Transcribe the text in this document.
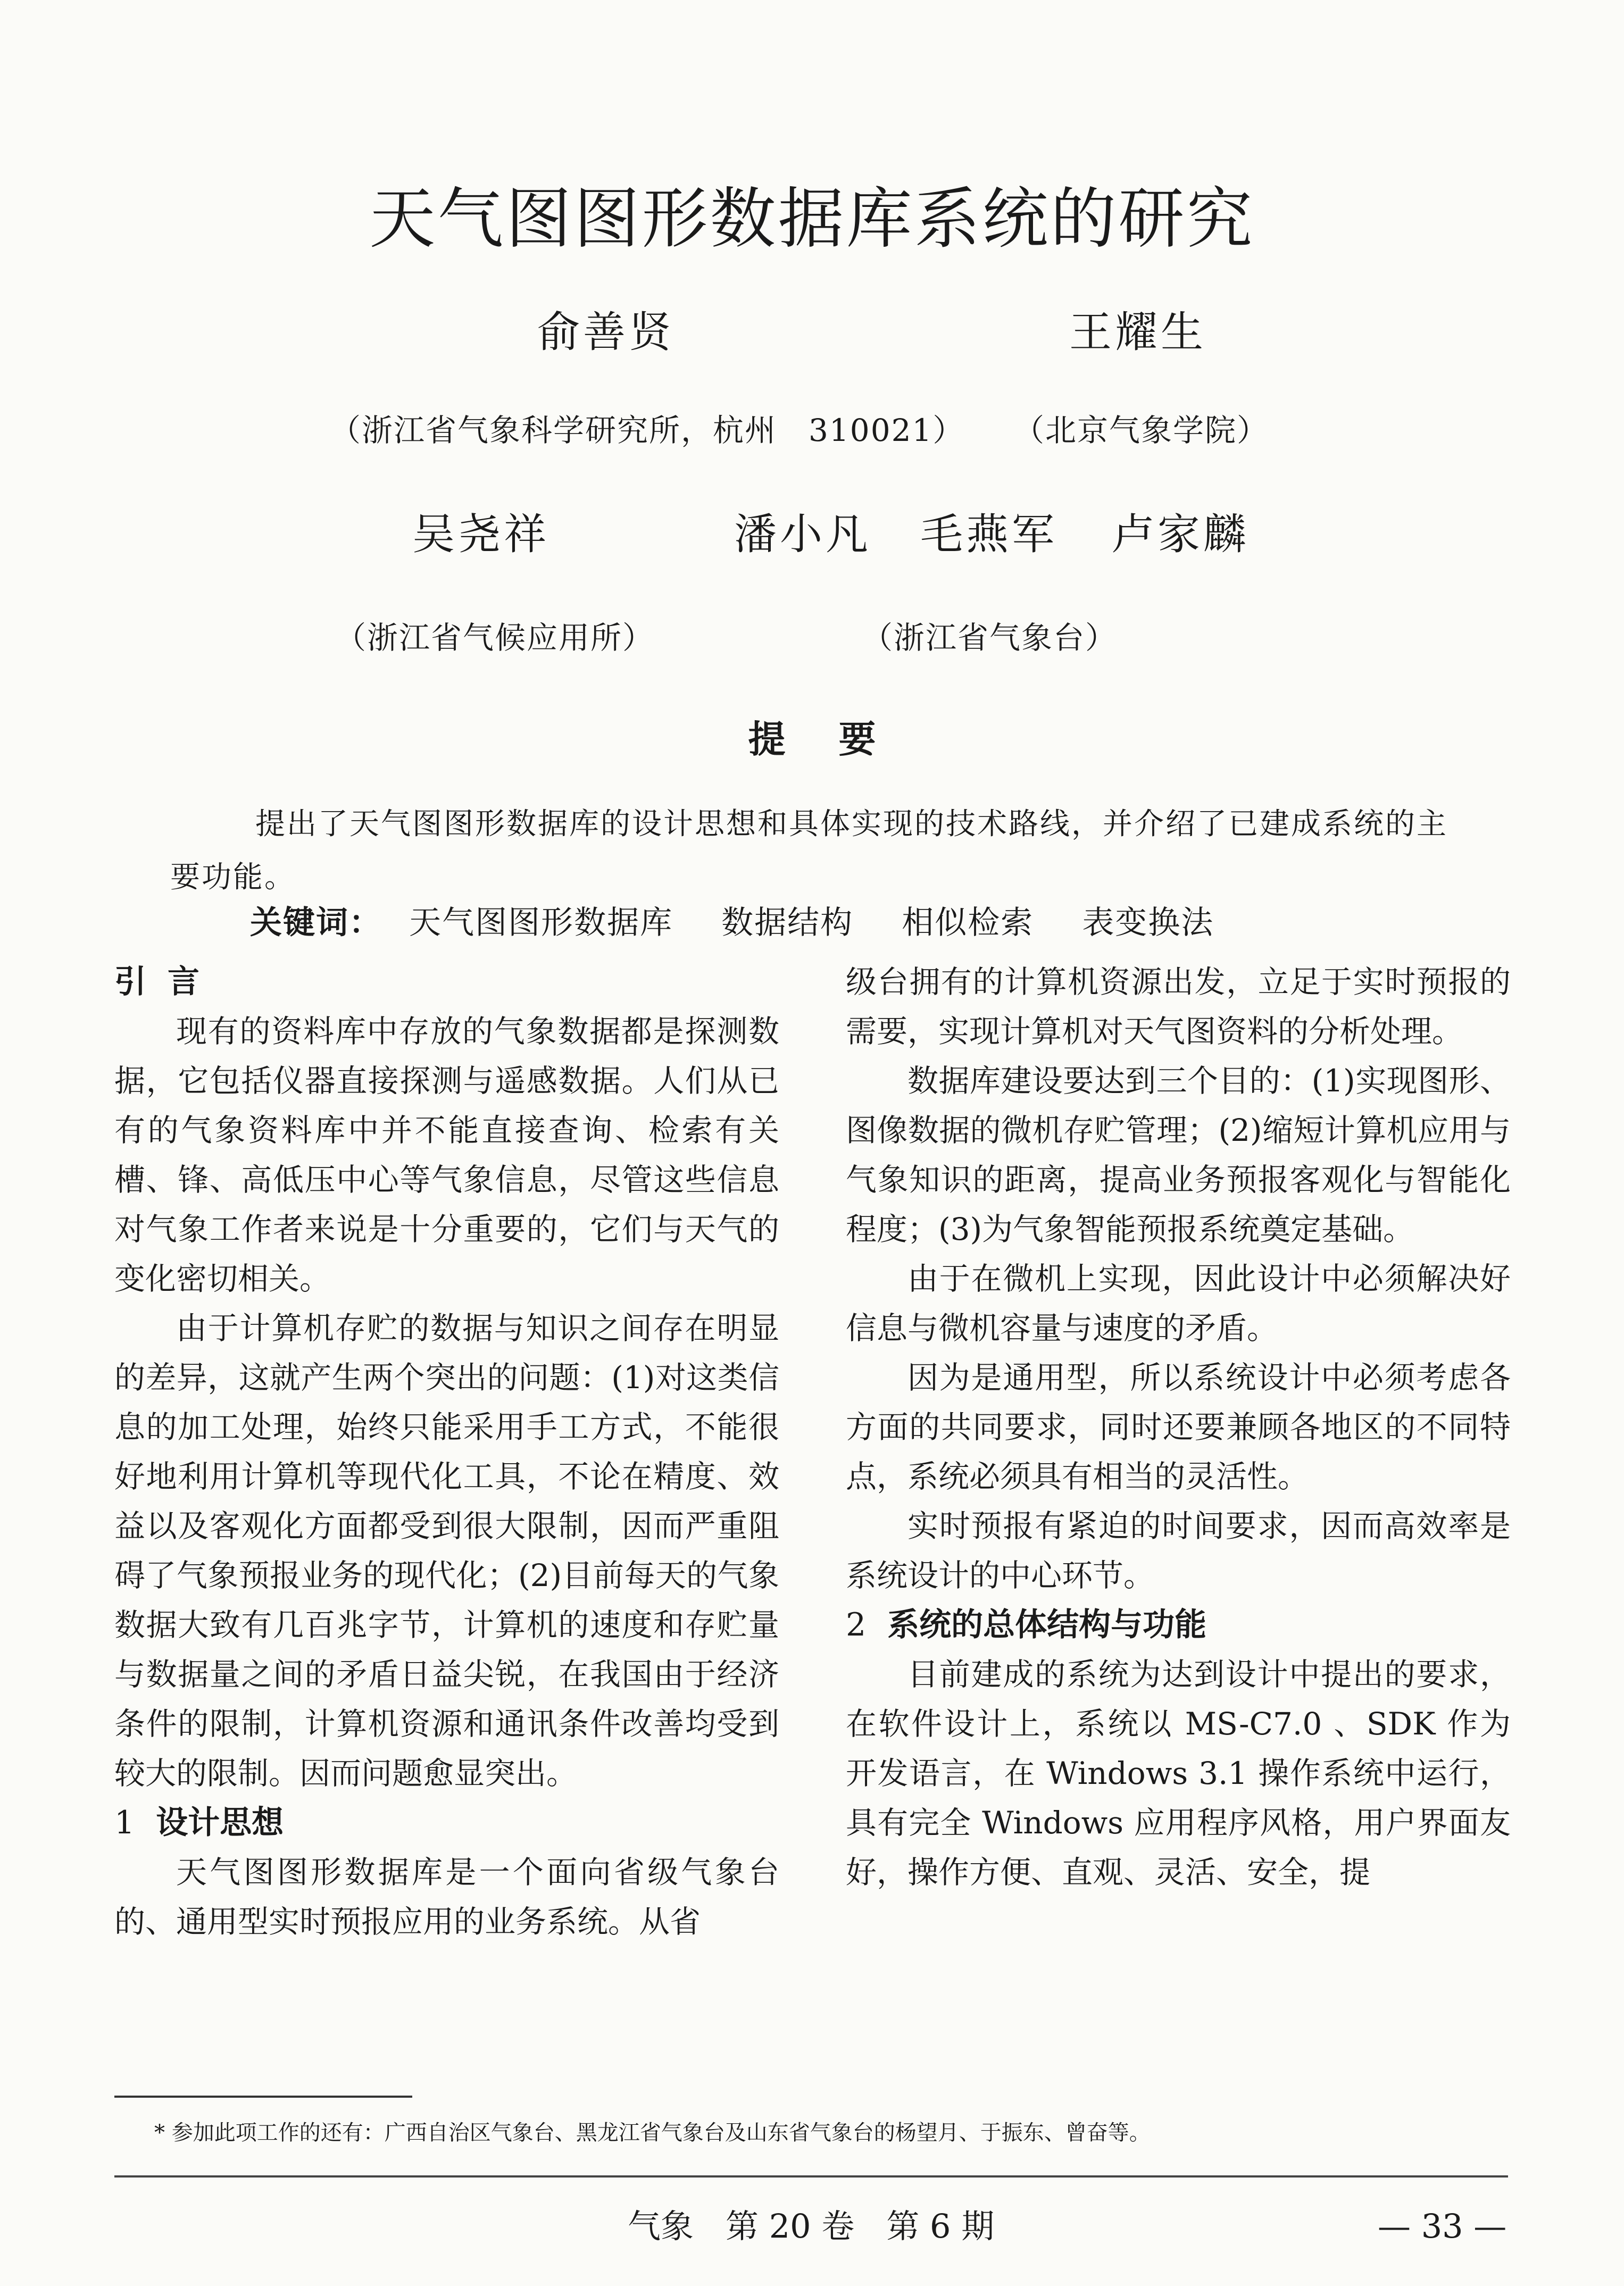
天气图图形数据库系统的研究
俞善贤	王耀生
（浙江省气象科学研究所，杭州　310021） （北京气象学院）
吴尧祥	潘小凡 毛燕军 卢家麟
（浙江省气候应用所）	（浙江省气象台）
提 要

提出了天气图图形数据库的设计思想和具体实现的技术路线，并介绍了已建成系统的主要功能。

关键词： 天气图图形数据库 数据结构 相似检索 表变换法
引言

现有的资料库中存放的气象数据都是探测数据，它包括仪器直接探测与遥感数据。人们从已有的气象资料库中并不能直接查询、检索有关槽、锋、高低压中心等气象信息，尽管这些信息对气象工作者来说是十分重要的，它们与天气的变化密切相关。

由于计算机存贮的数据与知识之间存在明显的差异，这就产生两个突出的问题：(1)对这类信息的加工处理，始终只能采用手工方式，不能很好地利用计算机等现代化工具，不论在精度、效益以及客观化方面都受到很大限制，因而严重阻碍了气象预报业务的现代化；(2)目前每天的气象数据大致有几百兆字节，计算机的速度和存贮量与数据量之间的矛盾日益尖锐，在我国由于经济条件的限制，计算机资源和通讯条件改善均受到较大的限制。因而问题愈显突出。

1 设计思想

天气图图形数据库是一个面向省级气象台的、通用型实时预报应用的业务系统。从省

级台拥有的计算机资源出发，立足于实时预报的需要，实现计算机对天气图资料的分析处理。

数据库建设要达到三个目的：(1)实现图形、图像数据的微机存贮管理；(2)缩短计算机应用与气象知识的距离，提高业务预报客观化与智能化程度；(3)为气象智能预报系统奠定基础。

由于在微机上实现，因此设计中必须解决好信息与微机容量与速度的矛盾。

因为是通用型，所以系统设计中必须考虑各方面的共同要求，同时还要兼顾各地区的不同特点，系统必须具有相当的灵活性。

实时预报有紧迫的时间要求，因而高效率是系统设计的中心环节。

2 系统的总体结构与功能

目前建成的系统为达到设计中提出的要求，在软件设计上，系统以 MS-C7.0 、SDK 作为开发语言，在 Windows 3.1 操作系统中运行，具有完全 Windows 应用程序风格，用户界面友好，操作方便、直观、灵活、安全，提

* 参加此项工作的还有：广西自治区气象台、黑龙江省气象台及山东省气象台的杨望月、于振东、曾奋等。
气象 第 20 卷 第 6 期	— 33 —
